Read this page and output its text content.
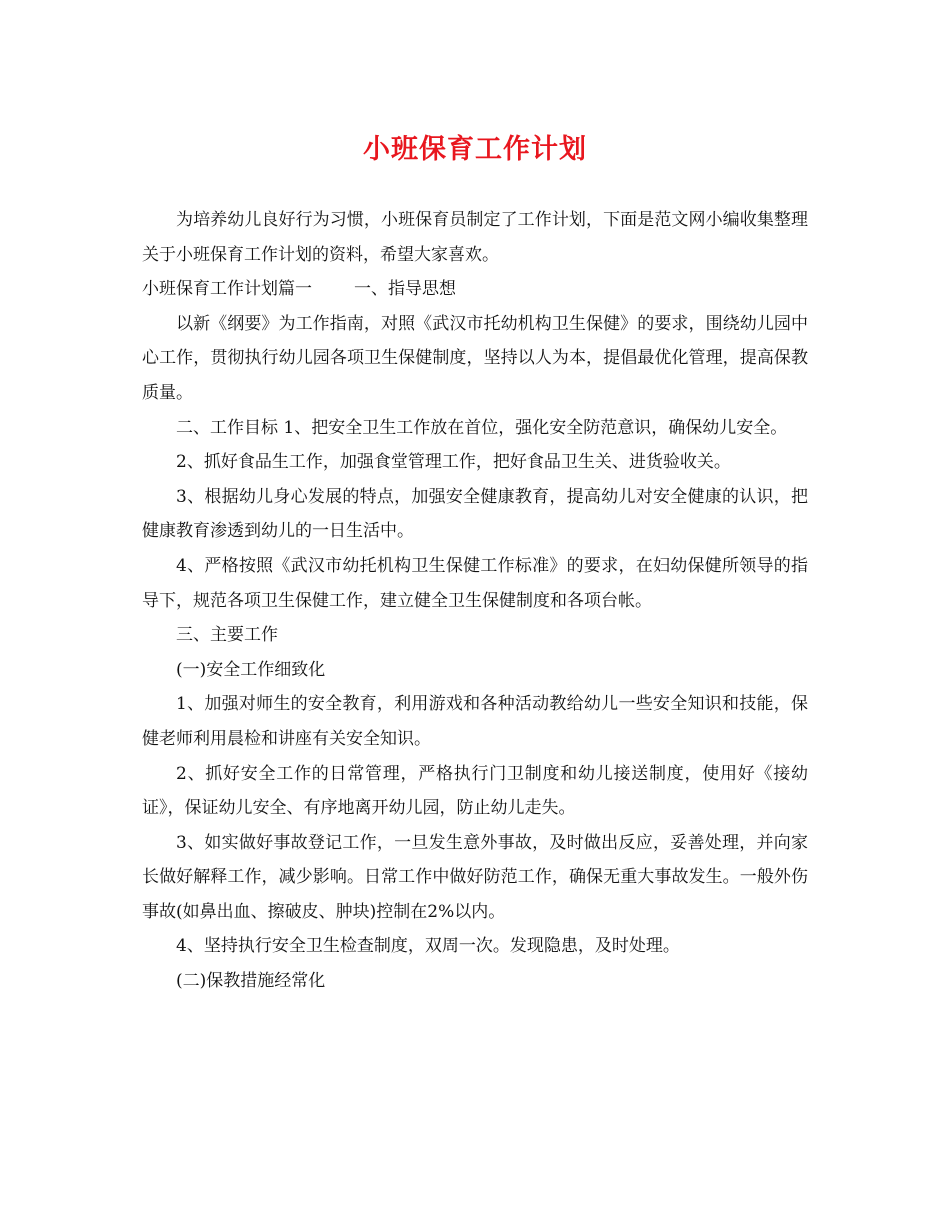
小班保育工作计划

为培养幼儿良好行为习惯，小班保育员制定了工作计划，下面是范文网小编收集整理关于小班保育工作计划的资料，希望大家喜欢。

小班保育工作计划篇一 一、指导思想

以新《纲要》为工作指南，对照《武汉市托幼机构卫生保健》的要求，围绕幼儿园中心工作，贯彻执行幼儿园各项卫生保健制度，坚持以人为本，提倡最优化管理，提高保教质量。

二、工作目标 1、把安全卫生工作放在首位，强化安全防范意识，确保幼儿安全。

2、抓好食品生工作，加强食堂管理工作，把好食品卫生关、进货验收关。

3、根据幼儿身心发展的特点，加强安全健康教育，提高幼儿对安全健康的认识，把健康教育渗透到幼儿的一日生活中。

4、严格按照《武汉市幼托机构卫生保健工作标准》的要求，在妇幼保健所领导的指导下，规范各项卫生保健工作，建立健全卫生保健制度和各项台帐。

三、主要工作

(一)安全工作细致化

1、加强对师生的安全教育，利用游戏和各种活动教给幼儿一些安全知识和技能，保健老师利用晨检和讲座有关安全知识。

2、抓好安全工作的日常管理，严格执行门卫制度和幼儿接送制度，使用好《接幼证》，保证幼儿安全、有序地离开幼儿园，防止幼儿走失。

3、如实做好事故登记工作，一旦发生意外事故，及时做出反应，妥善处理，并向家长做好解释工作，减少影响。日常工作中做好防范工作，确保无重大事故发生。一般外伤事故(如鼻出血、擦破皮、肿块)控制在2%以内。

4、坚持执行安全卫生检查制度，双周一次。发现隐患，及时处理。

(二)保教措施经常化
